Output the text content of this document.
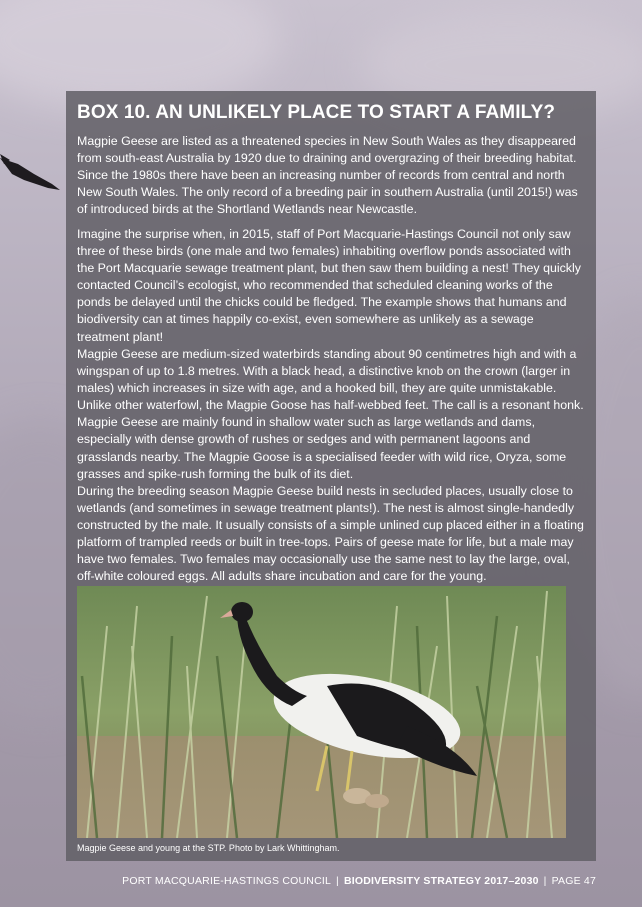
BOX 10. AN UNLIKELY PLACE TO START A FAMILY?

Magpie Geese are listed as a threatened species in New South Wales as they disappeared from south-east Australia by 1920 due to draining and overgrazing of their breeding habitat. Since the 1980s there have been an increasing number of records from central and north New South Wales. The only record of a breeding pair in southern Australia (until 2015!) was of introduced birds at the Shortland Wetlands near Newcastle.

Imagine the surprise when, in 2015, staff of Port Macquarie-Hastings Council not only saw three of these birds (one male and two females) inhabiting overflow ponds associated with the Port Macquarie sewage treatment plant, but then saw them building a nest! They quickly contacted Council’s ecologist, who recommended that scheduled cleaning works of the ponds be delayed until the chicks could be fledged. The example shows that humans and biodiversity can at times happily co-exist, even somewhere as unlikely as a sewage treatment plant!

Magpie Geese are medium-sized waterbirds standing about 90 centimetres high and with a wingspan of up to 1.8 metres. With a black head, a distinctive knob on the crown (larger in males) which increases in size with age, and a hooked bill, they are quite unmistakable. Unlike other waterfowl, the Magpie Goose has half-webbed feet. The call is a resonant honk. Magpie Geese are mainly found in shallow water such as large wetlands and dams, especially with dense growth of rushes or sedges and with permanent lagoons and grasslands nearby. The Magpie Goose is a specialised feeder with wild rice, Oryza, some grasses and spike-rush forming the bulk of its diet.

During the breeding season Magpie Geese build nests in secluded places, usually close to wetlands (and sometimes in sewage treatment plants!). The nest is almost single-handedly constructed by the male. It usually consists of a simple unlined cup placed either in a floating platform of trampled reeds or built in tree-tops. Pairs of geese mate for life, but a male may have two females. Two females may occasionally use the same nest to lay the large, oval, off-white coloured eggs. All adults share incubation and care for the young.

Magpie Geese and young at the STP. Photo by Lark Whittingham.

PORT MACQUARIE-HASTINGS COUNCIL | BIODIVERSITY STRATEGY 2017–2030 | PAGE 47
